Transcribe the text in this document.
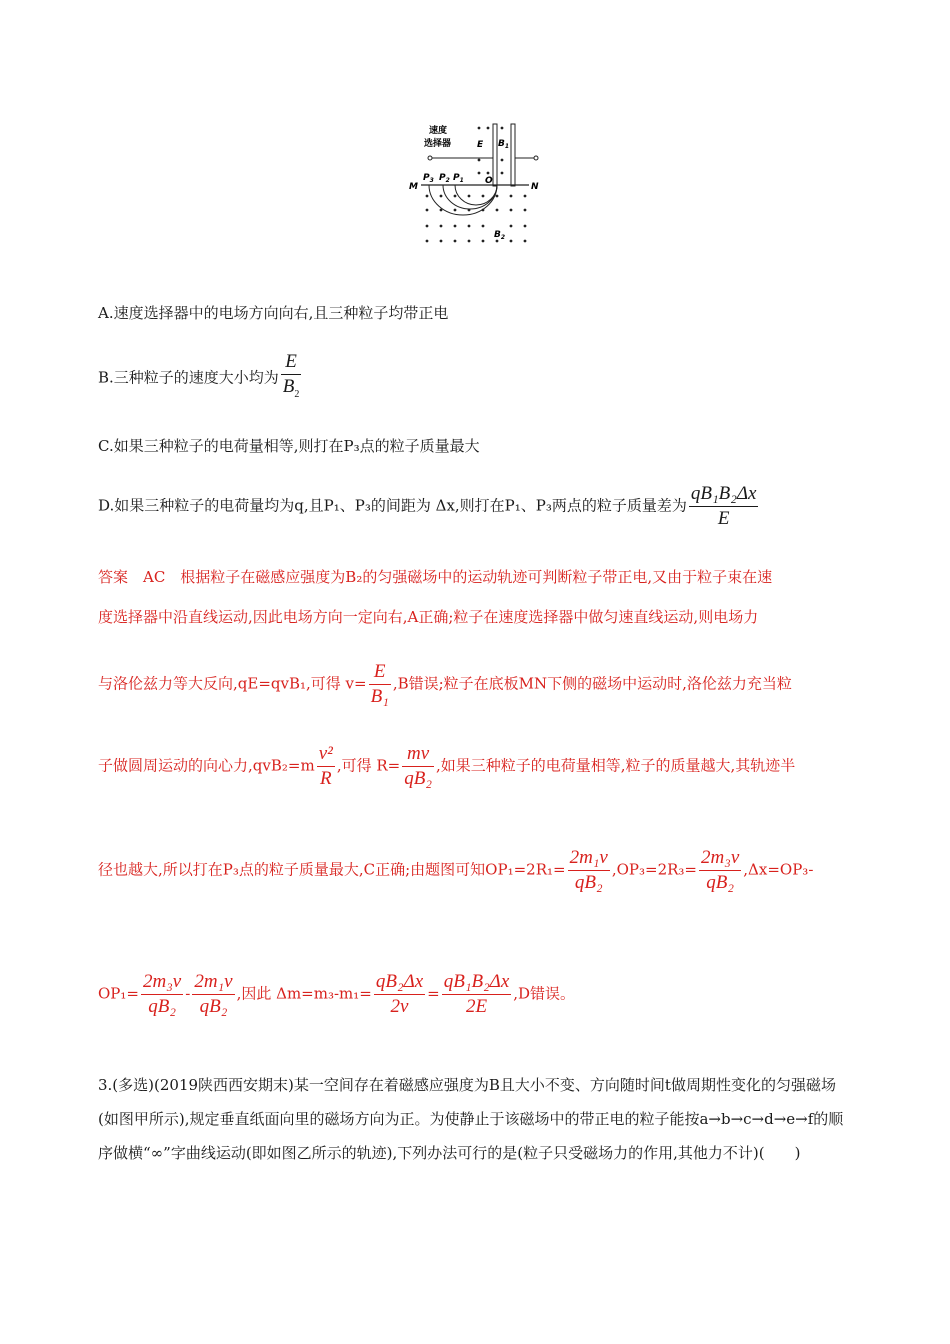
速度
选择器	E $B_1$
M	N
O
$P_3$ $P_2$ $P_1$
$B_2$
A.速度选择器中的电场方向向右,且三种粒子均带正电
B.三种粒子的速度大小均为 $\frac{E}{B_2}$
C.如果三种粒子的电荷量相等,则打在P₃点的粒子质量最大
D.如果三种粒子的电荷量均为q,且P₁、P₃的间距为 Δx,则打在P₁、P₃两点的粒子质量差为 $\frac{\text{qB₁B₂Δx}}{E}$
答案　AC　根据粒子在磁感应强度为B₂的匀强磁场中的运动轨迹可判断粒子带正电,又由于粒子束在速
度选择器中沿直线运动,因此电场方向一定向右,A正确;粒子在速度选择器中做匀速直线运动,则电场力
与洛伦兹力等大反向,qE=qvB₁,可得 $v= \frac{E}{\text{B₁}} ,B$错误;粒子在底板MN下侧的磁场中运动时,洛伦兹力充当粒
子做圆周运动的向心力$,qvB_2=m \frac{\text{v²}}{R}$ ,可得 $R= \frac{mv}{\text{qB₂}}$ ,如果三种粒子的电荷量相等,粒子的质量越大,其轨迹半
径也越大,所以打在P₃点的粒子质量最大,C正确;由题图可知$OP_1=2R_1= \frac{\text{2m₁v}}{\text{qB₂}} ,OP_3=2R_3= \frac{\text{2m₃v}}{\text{qB₂}} ,\Delta x=OP_3-$
$OP_1= \frac{\text{2m₃v}}{\text{qB₂}} - \frac{\text{2m₁v}}{\text{qB₂}}$ ,因此 $\Delta m=m_3-m_1= \frac{\text{qB₂Δx}}{2v} = \frac{\text{qB₁B₂Δx}}{2E} ,D$错误。
3.(多选)(2019陕西西安期末)某一空间存在着磁感应强度为B且大小不变、方向随时间t做周期性变化的匀强磁场(如图甲所示),规定垂直纸面向里的磁场方向为正。为使静止于该磁场中的带正电的粒子能按a→b→c→d→e→f的顺序做横“∞”字曲线运动(即如图乙所示的轨迹),下列办法可行的是(粒子只受磁场力的作用,其他力不计)(　　)
